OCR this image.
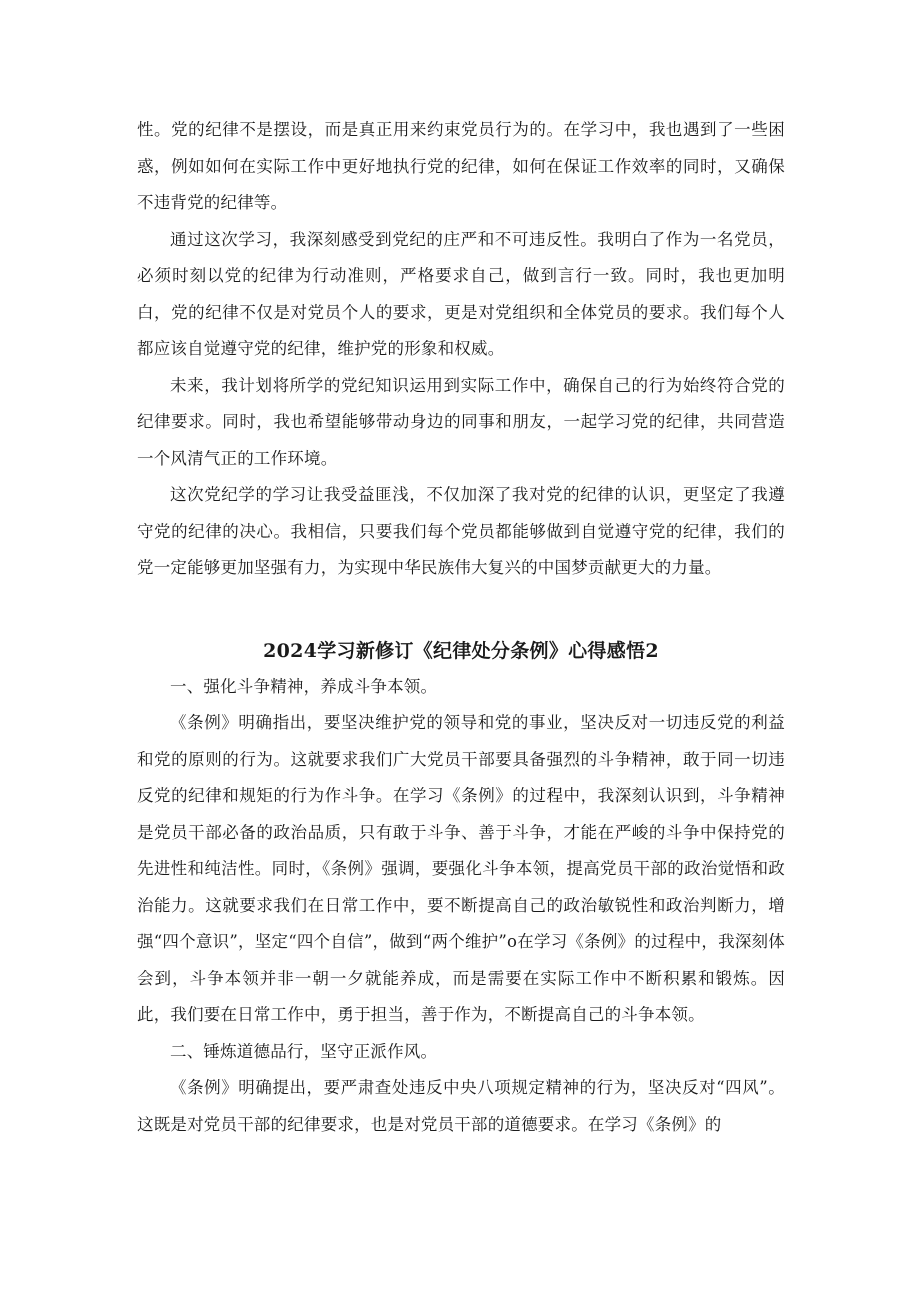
性。党的纪律不是摆设，而是真正用来约束党员行为的。在学习中，我也遇到了一些困惑，例如如何在实际工作中更好地执行党的纪律，如何在保证工作效率的同时，又确保不违背党的纪律等。

通过这次学习，我深刻感受到党纪的庄严和不可违反性。我明白了作为一名党员，必须时刻以党的纪律为行动准则，严格要求自己，做到言行一致。同时，我也更加明白，党的纪律不仅是对党员个人的要求，更是对党组织和全体党员的要求。我们每个人都应该自觉遵守党的纪律，维护党的形象和权威。

未来，我计划将所学的党纪知识运用到实际工作中，确保自己的行为始终符合党的纪律要求。同时，我也希望能够带动身边的同事和朋友，一起学习党的纪律，共同营造一个风清气正的工作环境。

这次党纪学的学习让我受益匪浅，不仅加深了我对党的纪律的认识，更坚定了我遵守党的纪律的决心。我相信，只要我们每个党员都能够做到自觉遵守党的纪律，我们的党一定能够更加坚强有力，为实现中华民族伟大复兴的中国梦贡献更大的力量。

2024学习新修订《纪律处分条例》心得感悟2

一、强化斗争精神，养成斗争本领。

《条例》明确指出，要坚决维护党的领导和党的事业，坚决反对一切违反党的利益和党的原则的行为。这就要求我们广大党员干部要具备强烈的斗争精神，敢于同一切违反党的纪律和规矩的行为作斗争。在学习《条例》的过程中，我深刻认识到，斗争精神是党员干部必备的政治品质，只有敢于斗争、善于斗争，才能在严峻的斗争中保持党的先进性和纯洁性。同时，《条例》强调，要强化斗争本领，提高党员干部的政治觉悟和政治能力。这就要求我们在日常工作中，要不断提高自己的政治敏锐性和政治判断力，增强“四个意识”，坚定“四个自信”，做到“两个维护”o在学习《条例》的过程中，我深刻体会到，斗争本领并非一朝一夕就能养成，而是需要在实际工作中不断积累和锻炼。因此，我们要在日常工作中，勇于担当，善于作为，不断提高自己的斗争本领。

二、锤炼道德品行，坚守正派作风。

《条例》明确提出，要严肃查处违反中央八项规定精神的行为，坚决反对“四风”。这既是对党员干部的纪律要求，也是对党员干部的道德要求。在学习《条例》的
